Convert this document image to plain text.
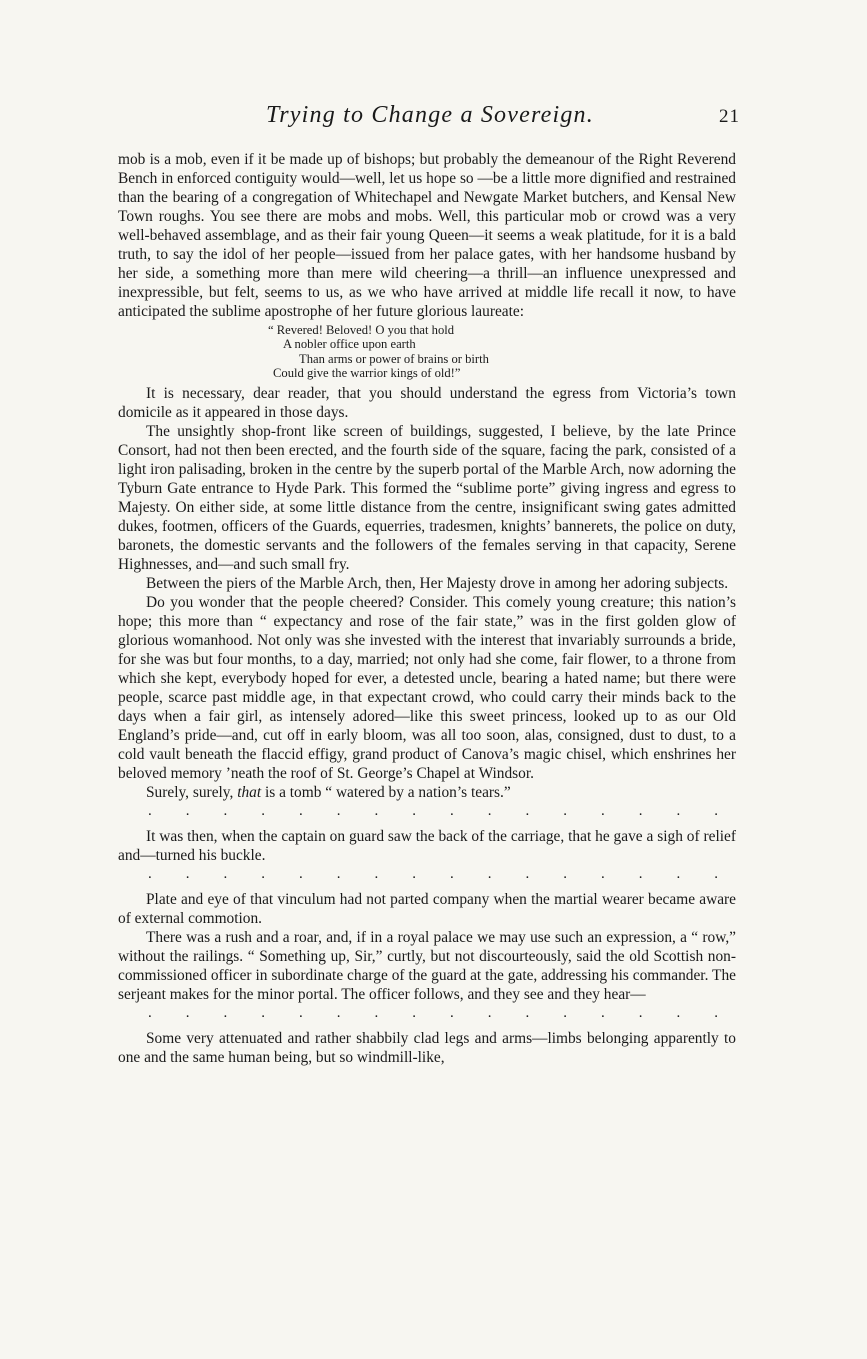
Trying to Change a Sovereign.	21

mob is a mob, even if it be made up of bishops; but probably the demeanour of the Right Reverend Bench in enforced contiguity would—well, let us hope so —be a little more dignified and restrained than the bearing of a congregation of Whitechapel and Newgate Market butchers, and Kensal New Town roughs. You see there are mobs and mobs. Well, this particular mob or crowd was a very well-behaved assemblage, and as their fair young Queen—it seems a weak platitude, for it is a bald truth, to say the idol of her people—issued from her palace gates, with her handsome husband by her side, a something more than mere wild cheering—a thrill—an influence unexpressed and inexpressible, but felt, seems to us, as we who have arrived at middle life recall it now, to have anticipated the sublime apostrophe of her future glorious laureate:

“ Revered! Beloved! O you that hold
A nobler office upon earth
Than arms or power of brains or birth
Could give the warrior kings of old!”

It is necessary, dear reader, that you should understand the egress from Victoria’s town domicile as it appeared in those days.

The unsightly shop-front like screen of buildings, suggested, I believe, by the late Prince Consort, had not then been erected, and the fourth side of the square, facing the park, consisted of a light iron palisading, broken in the centre by the superb portal of the Marble Arch, now adorning the Tyburn Gate entrance to Hyde Park. This formed the “sublime porte” giving ingress and egress to Majesty. On either side, at some little distance from the centre, insignificant swing gates admitted dukes, footmen, officers of the Guards, equerries, tradesmen, knights’ bannerets, the police on duty, baronets, the domestic servants and the followers of the females serving in that capacity, Serene Highnesses, and—and such small fry.

Between the piers of the Marble Arch, then, Her Majesty drove in among her adoring subjects.

Do you wonder that the people cheered? Consider. This comely young creature; this nation’s hope; this more than “ expectancy and rose of the fair state,” was in the first golden glow of glorious womanhood. Not only was she invested with the interest that invariably surrounds a bride, for she was but four months, to a day, married; not only had she come, fair flower, to a throne from which she kept, everybody hoped for ever, a detested uncle, bearing a hated name; but there were people, scarce past middle age, in that expectant crowd, who could carry their minds back to the days when a fair girl, as intensely adored—like this sweet princess, looked up to as our Old England’s pride—and, cut off in early bloom, was all too soon, alas, consigned, dust to dust, to a cold vault beneath the flaccid effigy, grand product of Canova’s magic chisel, which enshrines her beloved memory ’neath the roof of St. George’s Chapel at Windsor.

Surely, surely, that is a tomb “ watered by a nation’s tears.”

. . . . . . . . . . . . . . . .

It was then, when the captain on guard saw the back of the carriage, that he gave a sigh of relief and—turned his buckle.

. . . . . . . . . . . . . . . .

Plate and eye of that vinculum had not parted company when the martial wearer became aware of external commotion.

There was a rush and a roar, and, if in a royal palace we may use such an expression, a “ row,” without the railings. “ Something up, Sir,” curtly, but not discourteously, said the old Scottish non-commissioned officer in subordinate charge of the guard at the gate, addressing his commander. The serjeant makes for the minor portal. The officer follows, and they see and they hear—

. . . . . . . . . . . . . . . .

Some very attenuated and rather shabbily clad legs and arms—limbs belonging apparently to one and the same human being, but so windmill-like,
